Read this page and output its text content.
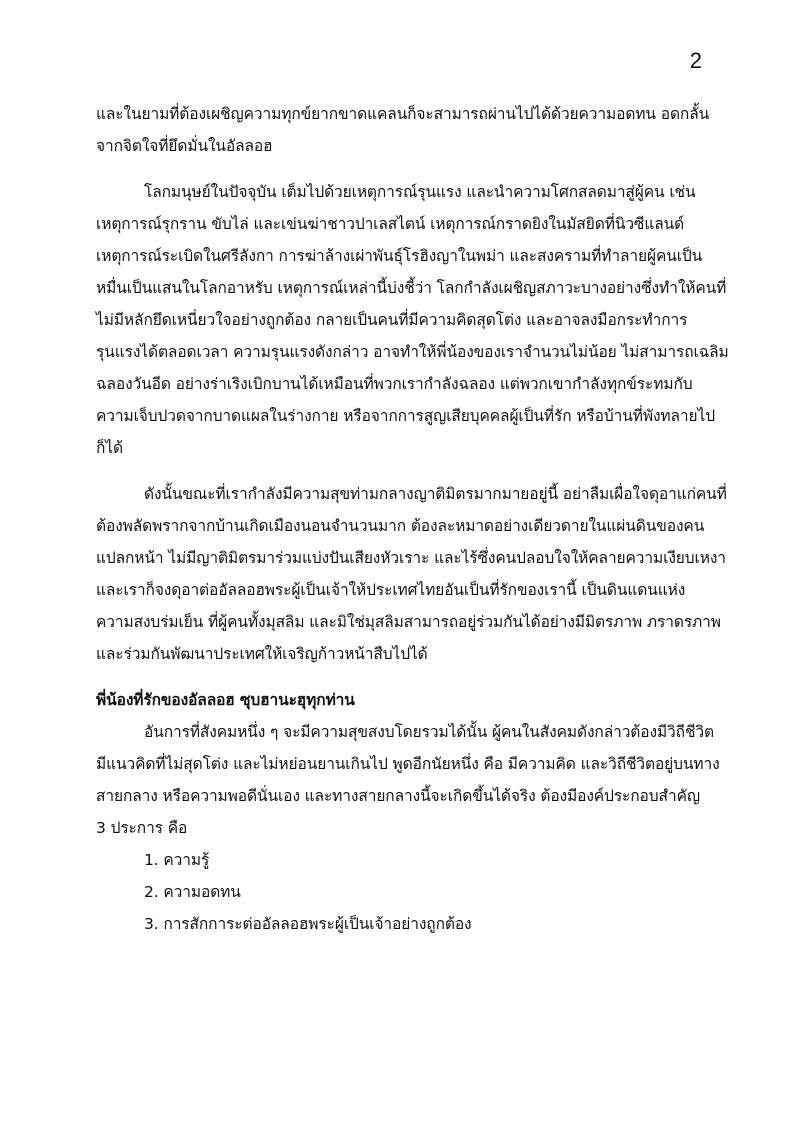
2
และในยามที่ต้องเผชิญความทุกข์ยากขาดแคลนก็จะสามารถผ่านไปได้ด้วยความอดทน อดกลั้น
จากจิตใจที่ยึดมั่นในอัลลอฮ
โลกมนุษย์ในปัจจุบัน เต็มไปด้วยเหตุการณ์รุนแรง และนำความโศกสลดมาสู่ผู้คน เช่น
เหตุการณ์รุกราน ขับไล่ และเข่นฆ่าชาวปาเลสไตน์ เหตุการณ์กราดยิงในมัสยิดที่นิวซีแลนด์
เหตุการณ์ระเบิดในศรีลังกา การฆ่าล้างเผ่าพันธุ์โรฮิงญาในพม่า และสงครามที่ทำลายผู้คนเป็น
หมื่นเป็นแสนในโลกอาหรับ เหตุการณ์เหล่านี้บ่งชี้ว่า โลกกำลังเผชิญสภาวะบางอย่างซึ่งทำให้คนที่
ไม่มีหลักยึดเหนี่ยวใจอย่างถูกต้อง กลายเป็นคนที่มีความคิดสุดโต่ง และอาจลงมือกระทำการ
รุนแรงได้ตลอดเวลา ความรุนแรงดังกล่าว อาจทำให้พี่น้องของเราจำนวนไม่น้อย ไม่สามารถเฉลิม
ฉลองวันอีด อย่างร่าเริงเบิกบานได้เหมือนที่พวกเรากำลังฉลอง แต่พวกเขากำลังทุกข์ระทมกับ
ความเจ็บปวดจากบาดแผลในร่างกาย หรือจากการสูญเสียบุคคลผู้เป็นที่รัก หรือบ้านที่พังทลายไป
ก็ได้
ดังนั้นขณะที่เรากำลังมีความสุขท่ามกลางญาติมิตรมากมายอยู่นี้ อย่าลืมเผื่อใจดุอาแก่คนที่
ต้องพลัดพรากจากบ้านเกิดเมืองนอนจำนวนมาก ต้องละหมาดอย่างเดียวดายในแผ่นดินของคน
แปลกหน้า ไม่มีญาติมิตรมาร่วมแบ่งปันเสียงหัวเราะ และไร้ซึ่งคนปลอบใจให้คลายความเงียบเหงา
และเราก็จงดุอาต่ออัลลอฮพระผู้เป็นเจ้าให้ประเทศไทยอันเป็นที่รักของเรานี้ เป็นดินแดนแห่ง
ความสงบร่มเย็น ที่ผู้คนทั้งมุสลิม และมิใช่มุสลิมสามารถอยู่ร่วมกันได้อย่างมีมิตรภาพ ภราดรภาพ
และร่วมกันพัฒนาประเทศให้เจริญก้าวหน้าสืบไปได้
พี่น้องที่รักของอัลลอฮ ซุบฮานะฮุทุกท่าน
อันการที่สังคมหนึ่ง ๆ จะมีความสุขสงบโดยรวมได้นั้น ผู้คนในสังคมดังกล่าวต้องมีวิถีชีวิต
มีแนวคิดที่ไม่สุดโต่ง และไม่หย่อนยานเกินไป พูดอีกนัยหนึ่ง คือ มีความคิด และวิถีชีวิตอยู่บนทาง
สายกลาง หรือความพอดีนั่นเอง และทางสายกลางนี้จะเกิดขึ้นได้จริง ต้องมีองค์ประกอบสำคัญ
3 ประการ คือ
1. ความรู้
2. ความอดทน
3. การสักการะต่ออัลลอฮพระผู้เป็นเจ้าอย่างถูกต้อง
